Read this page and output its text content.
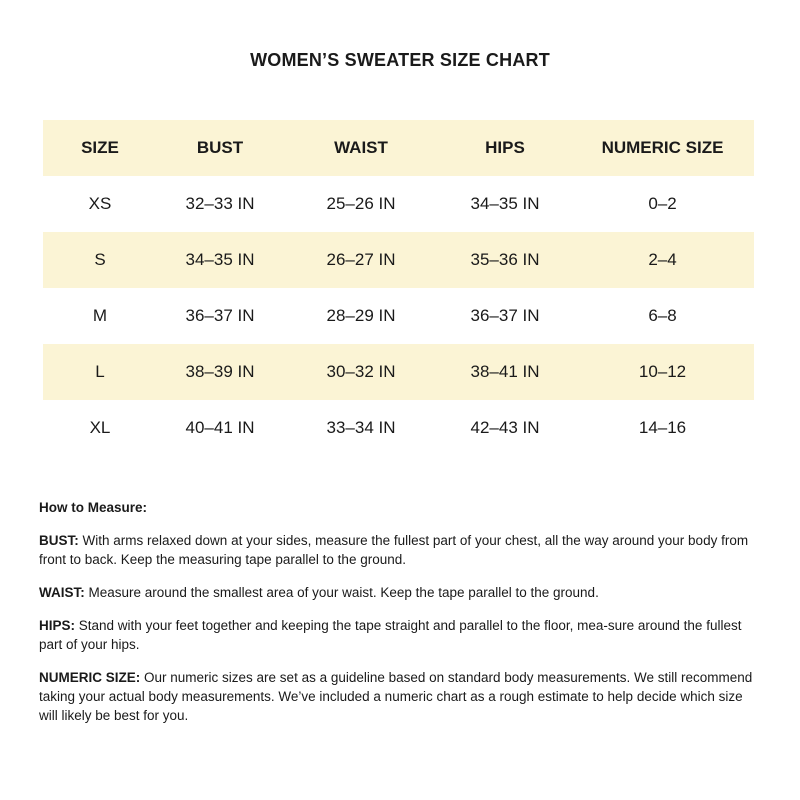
WOMEN’S SWEATER SIZE CHART
SIZE	BUST	WAIST	HIPS	NUMERIC SIZE
XS	32–33 IN	25–26 IN	34–35 IN	0–2
S	34–35 IN	26–27 IN	35–36 IN	2–4
M	36–37 IN	28–29 IN	36–37 IN	6–8
L	38–39 IN	30–32 IN	38–41 IN	10–12
XL	40–41 IN	33–34 IN	42–43 IN	14–16

How to Measure:

BUST: With arms relaxed down at your sides, measure the fullest part of your chest, all the way around your body from front to back. Keep the measuring tape parallel to the ground.

WAIST: Measure around the smallest area of your waist. Keep the tape parallel to the ground.

HIPS: Stand with your feet together and keeping the tape straight and parallel to the floor, mea-sure around the fullest part of your hips.

NUMERIC SIZE: Our numeric sizes are set as a guideline based on standard body measurements. We still recommend taking your actual body measurements. We’ve included a numeric chart as a rough estimate to help decide which size will likely be best for you.
